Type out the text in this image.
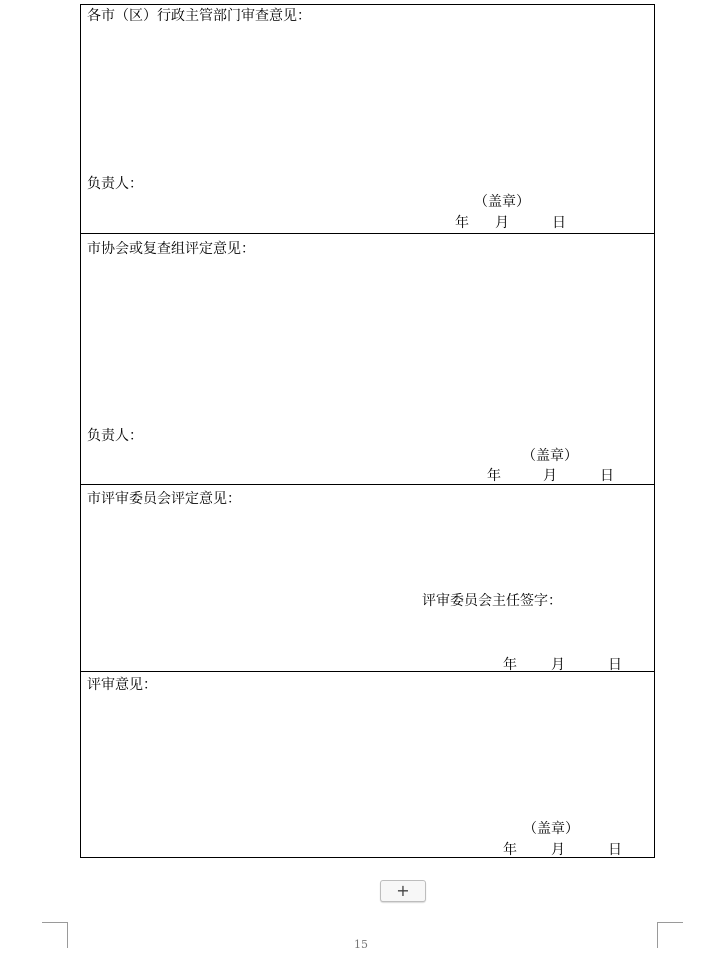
各市（区）行政主管部门审查意见：
负责人：
（盖章）
年 月	日
市协会或复查组评定意见：
负责人：
（盖章）
年	月	日
市评审委员会评定意见：
评审委员会主任签字：
年 月	日
评审意见：
（盖章）
年 月	日
+
15
